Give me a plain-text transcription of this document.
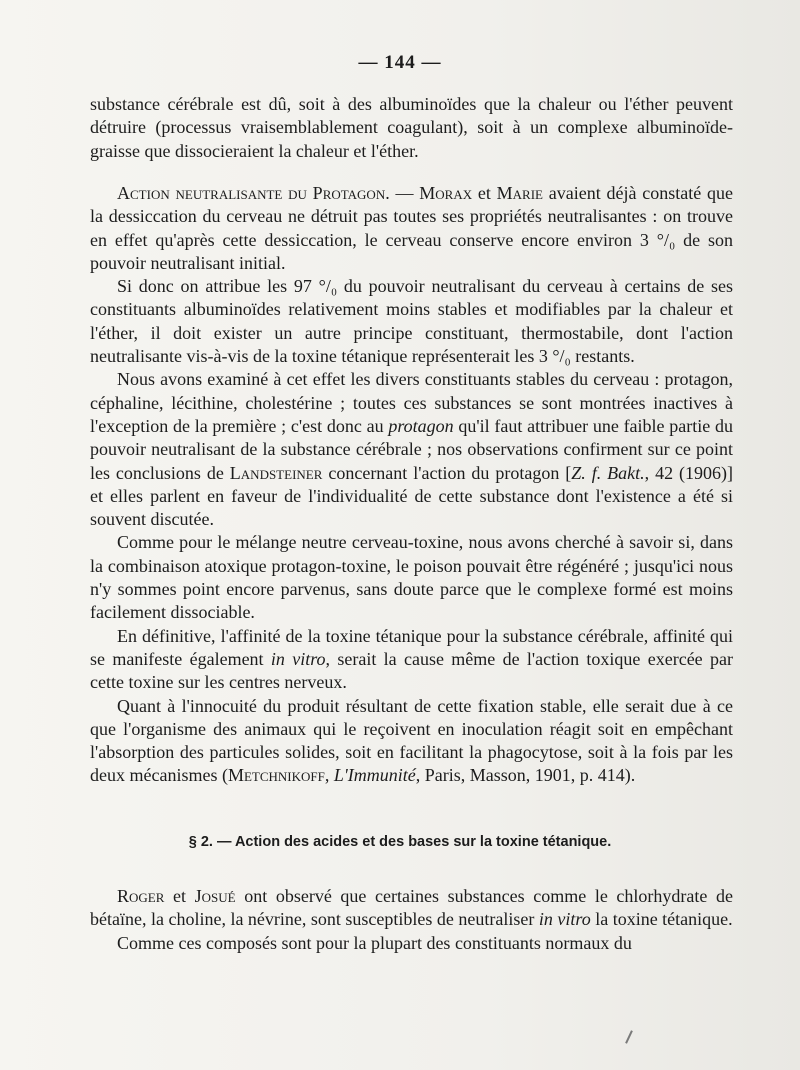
— 144 —

substance cérébrale est dû, soit à des albuminoïdes que la chaleur ou l'éther peuvent détruire (processus vraisemblablement coagulant), soit à un complexe albuminoïde-graisse que dissocieraient la chaleur et l'éther.

Action neutralisante du Protagon. — Morax et Marie avaient déjà constaté que la dessiccation du cerveau ne détruit pas toutes ses propriétés neutralisantes : on trouve en effet qu'après cette dessiccation, le cerveau conserve encore environ 3 °/₀ de son pouvoir neutralisant initial.

Si donc on attribue les 97 °/₀ du pouvoir neutralisant du cerveau à certains de ses constituants albuminoïdes relativement moins stables et modifiables par la chaleur et l'éther, il doit exister un autre principe constituant, thermostabile, dont l'action neutralisante vis-à-vis de la toxine tétanique représenterait les 3 °/₀ restants.

Nous avons examiné à cet effet les divers constituants stables du cerveau : protagon, céphaline, lécithine, cholestérine ; toutes ces substances se sont montrées inactives à l'exception de la première ; c'est donc au protagon qu'il faut attribuer une faible partie du pouvoir neutralisant de la substance cérébrale ; nos observations confirment sur ce point les conclusions de Landsteiner concernant l'action du protagon [Z. f. Bakt., 42 (1906)] et elles parlent en faveur de l'individualité de cette substance dont l'existence a été si souvent discutée.

Comme pour le mélange neutre cerveau-toxine, nous avons cherché à savoir si, dans la combinaison atoxique protagon-toxine, le poison pouvait être régénéré ; jusqu'ici nous n'y sommes point encore parvenus, sans doute parce que le complexe formé est moins facilement dissociable.

En définitive, l'affinité de la toxine tétanique pour la substance cérébrale, affinité qui se manifeste également in vitro, serait la cause même de l'action toxique exercée par cette toxine sur les centres nerveux.

Quant à l'innocuité du produit résultant de cette fixation stable, elle serait due à ce que l'organisme des animaux qui le reçoivent en inoculation réagit soit en empêchant l'absorption des particules solides, soit en facilitant la phagocytose, soit à la fois par les deux mécanismes (Metchnikoff, L'Immunité, Paris, Masson, 1901, p. 414).

§ 2. — Action des acides et des bases sur la toxine tétanique.

Roger et Josué ont observé que certaines substances comme le chlorhydrate de bétaïne, la choline, la névrine, sont susceptibles de neutraliser in vitro la toxine tétanique.

Comme ces composés sont pour la plupart des constituants normaux du
